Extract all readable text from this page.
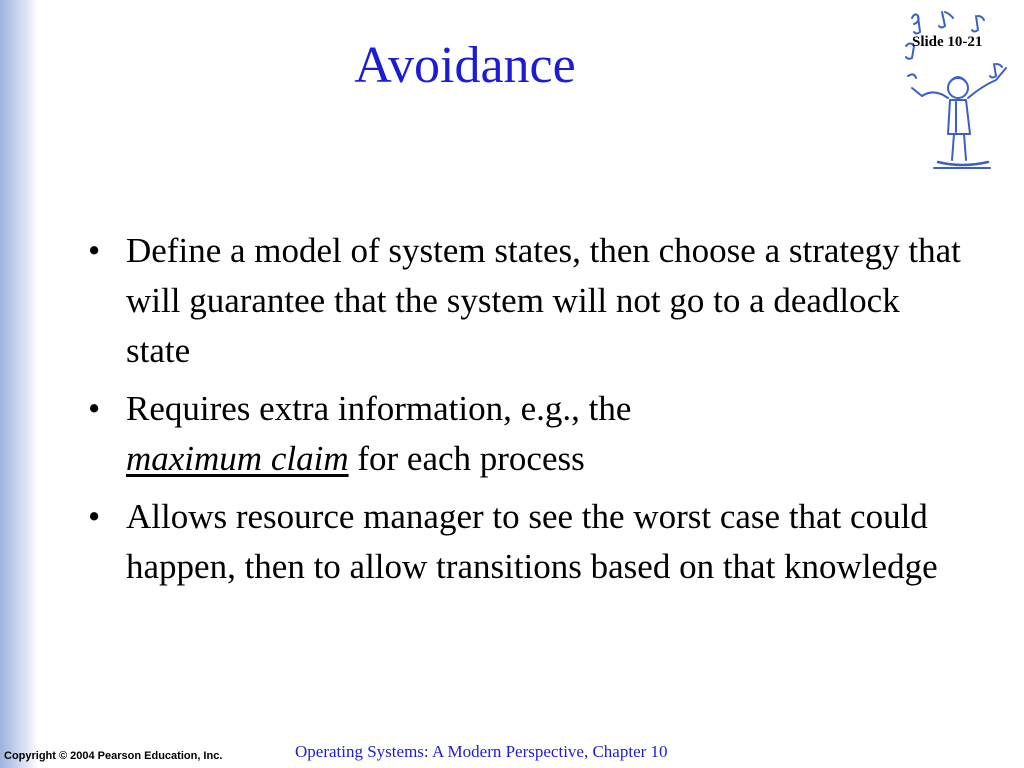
Avoidance	Slide 10-21
• Define a model of system states, then choose a strategy that will guarantee that the system will not go to a deadlock state
• Requires extra information, e.g., the
maximum claim for each process
• Allows resource manager to see the worst case that could happen, then to allow transitions based on that knowledge
Copyright © 2004 Pearson Education, Inc.	Operating Systems: A Modern Perspective, Chapter 10
